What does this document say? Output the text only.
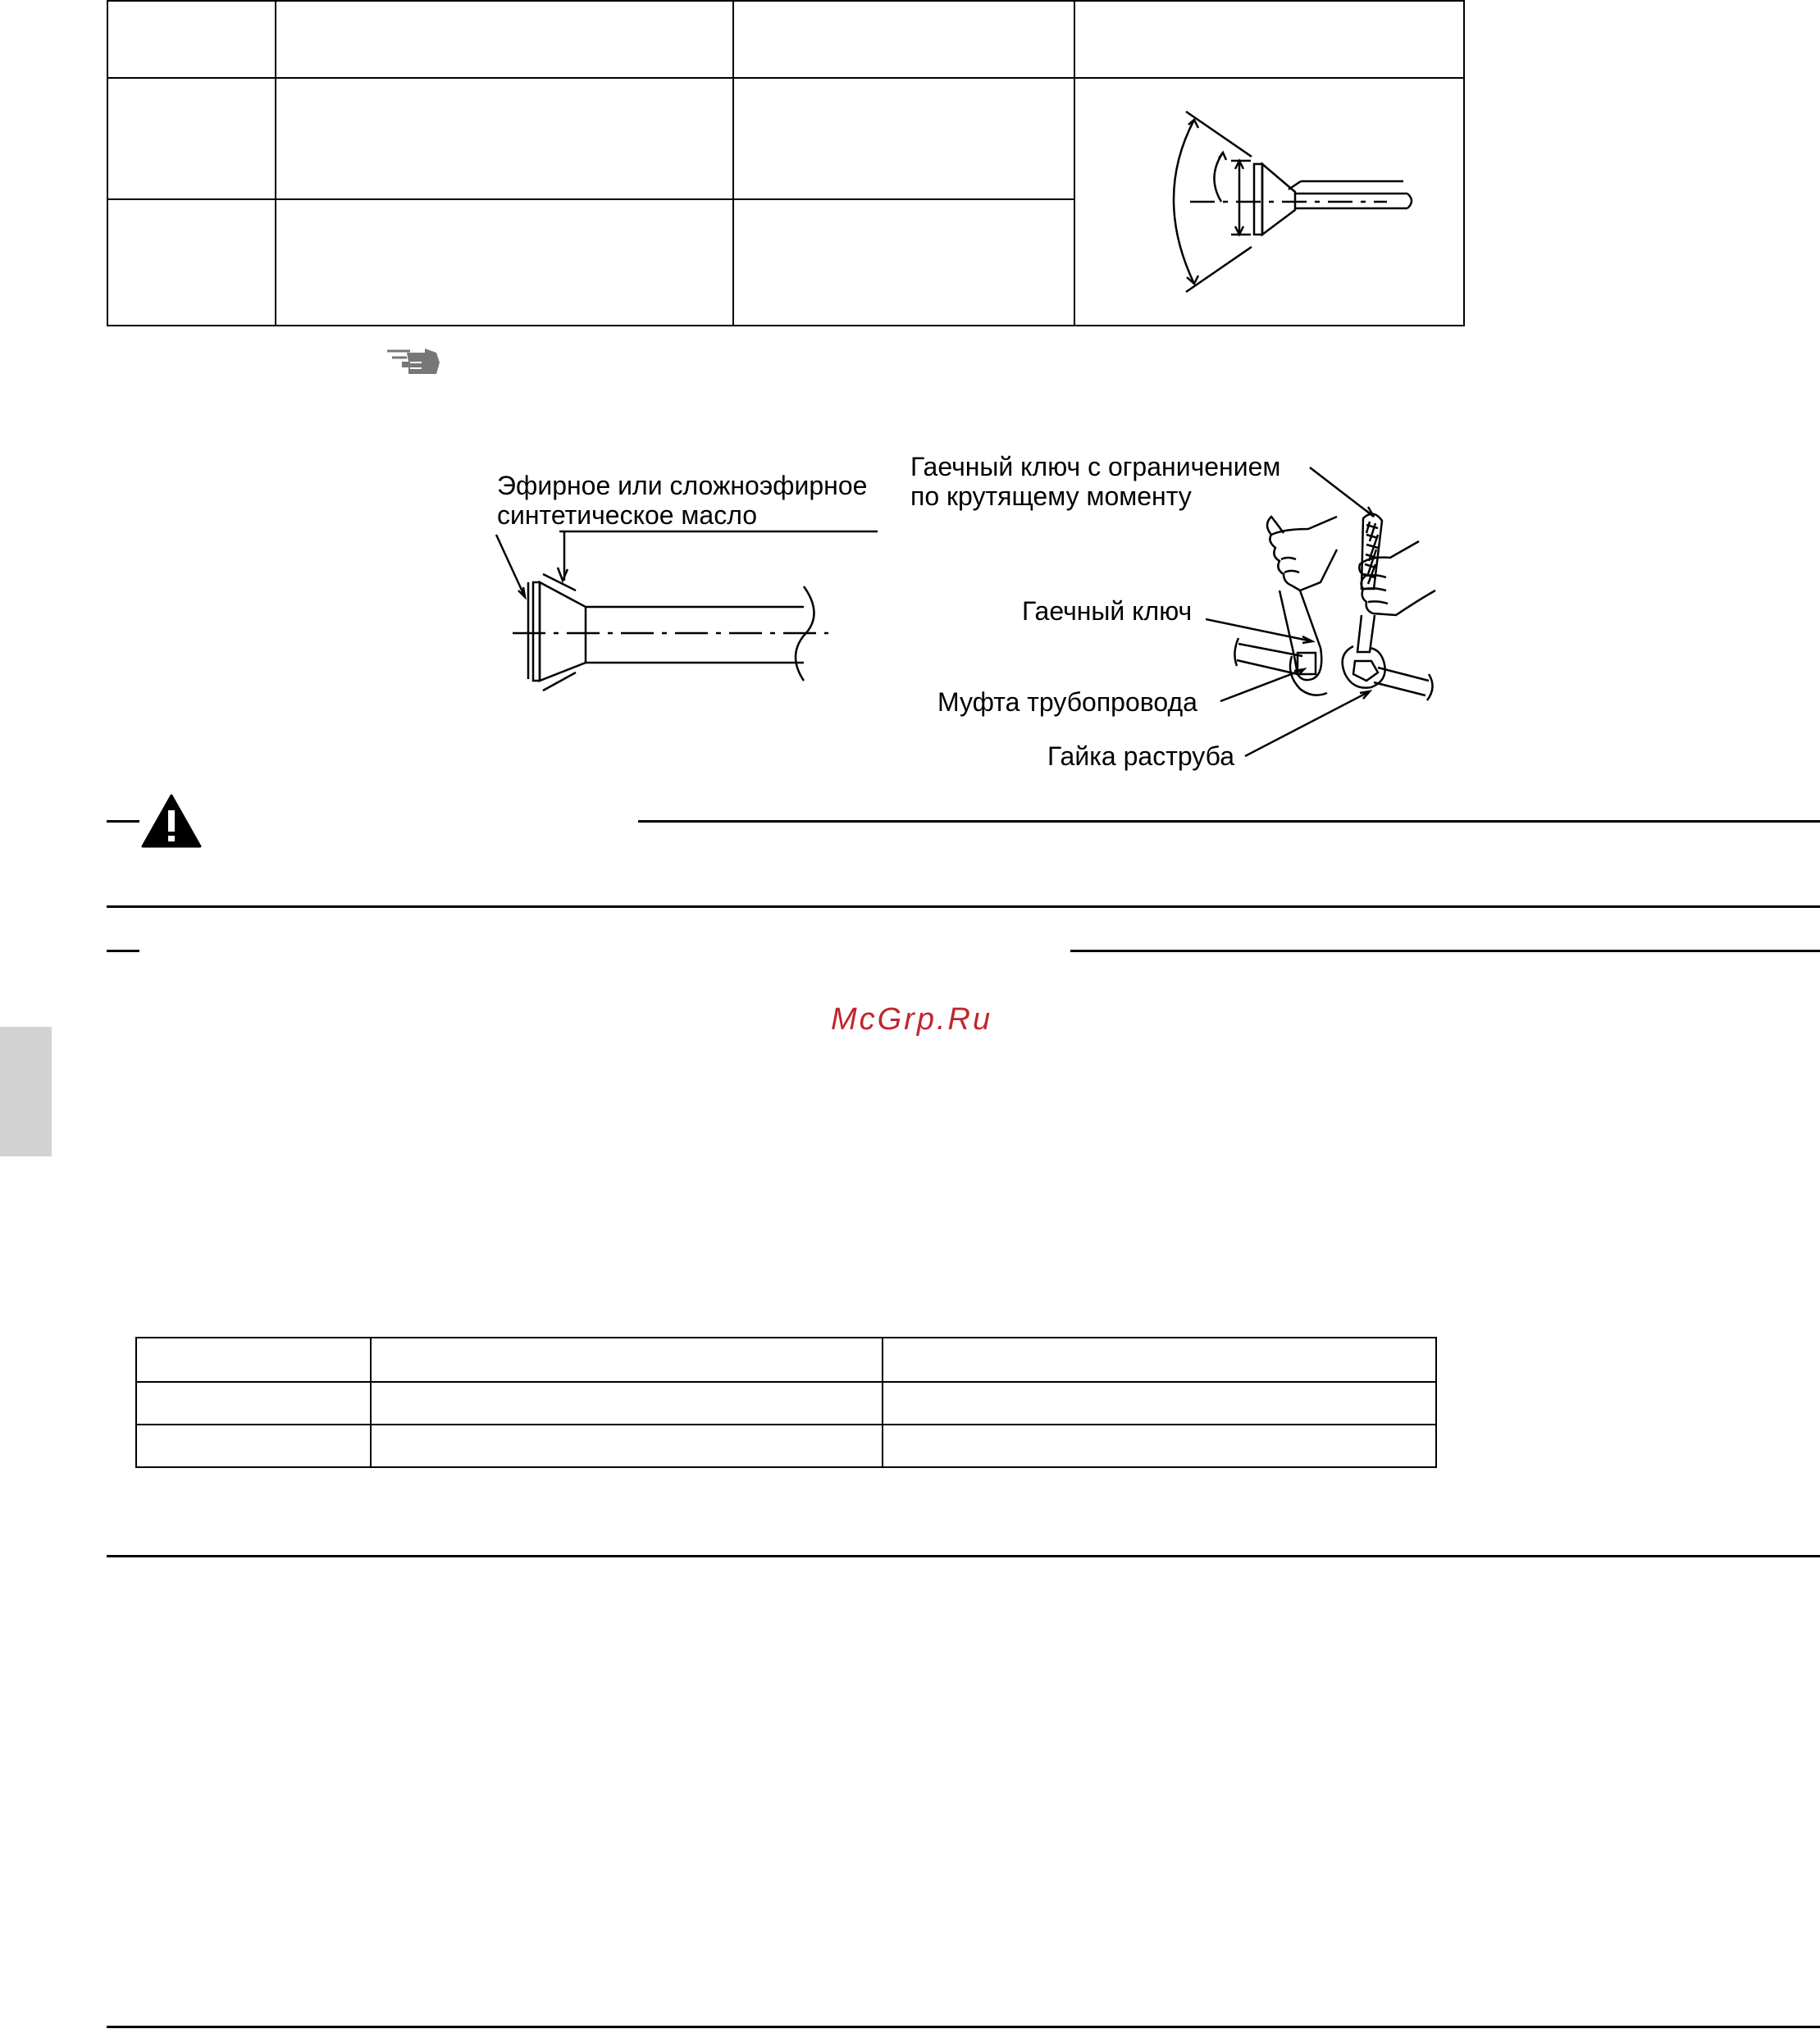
Эфирное или сложноэфирное
синтетическое масло
Гаечный ключ с ограничением
по крутящему моменту
Гаечный ключ
Муфта трубопровода
Гайка раструба
McGrp.Ru
